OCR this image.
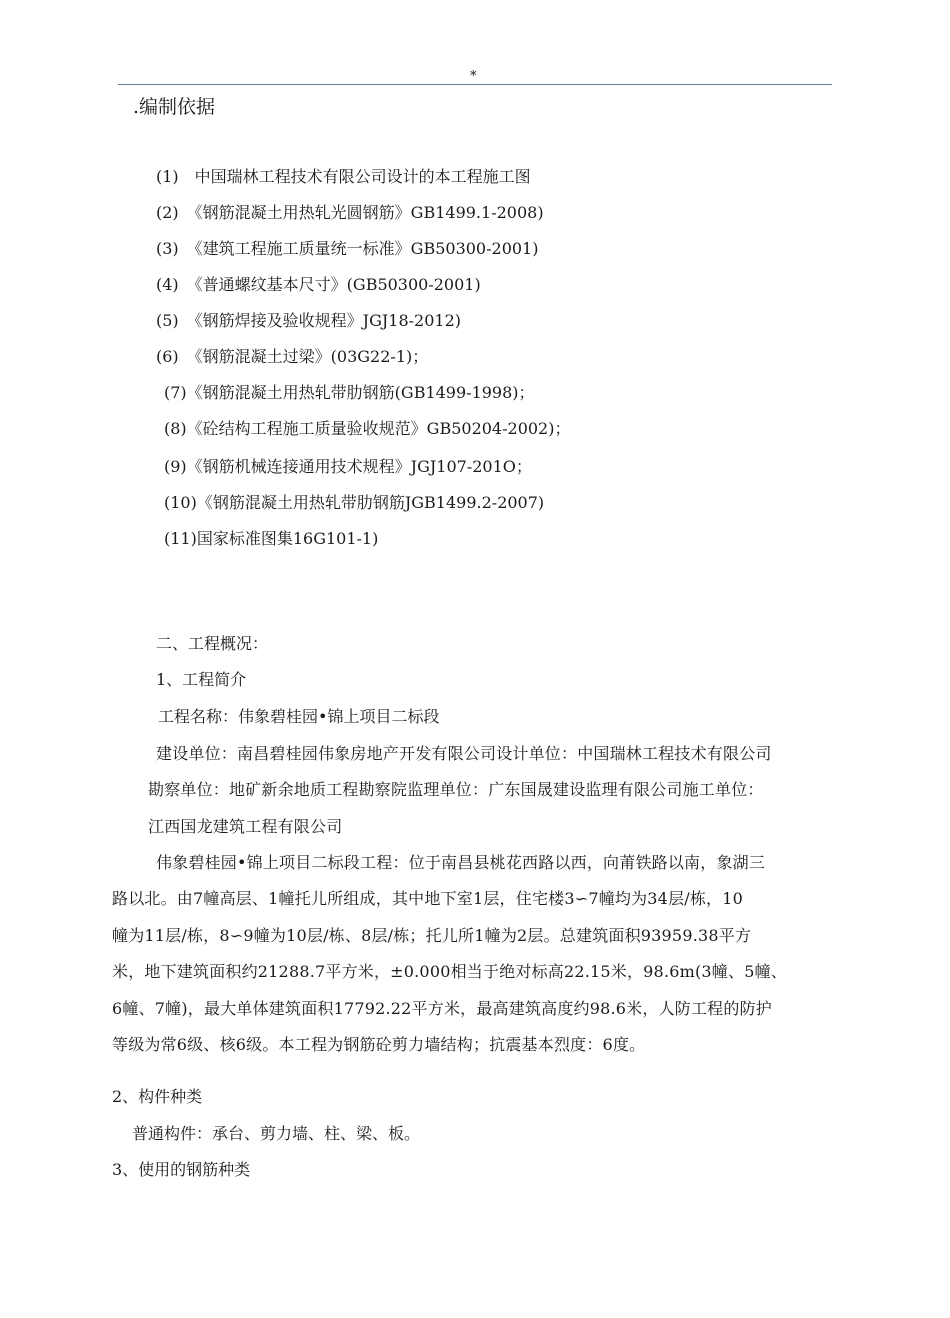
*
.编制依据
(1)　中国瑞林工程技术有限公司设计的本工程施工图
(2)　《钢筋混凝土用热轧光圆钢筋》GB1499.1-2008)
(3)　《建筑工程施工质量统一标准》GB50300-2001)
(4)　《普通螺纹基本尺寸》(GB50300-2001)
(5)　《钢筋焊接及验收规程》JGJ18-2012)
(6)　《钢筋混凝土过梁》(03G22-1)；
(7)《钢筋混凝土用热轧带肋钢筋(GB1499-1998)；
(8)《砼结构工程施工质量验收规范》GB50204-2002)；
(9)《钢筋机械连接通用技术规程》JGJ107-201O；
(10)《钢筋混凝土用热轧带肋钢筋JGB1499.2-2007)
(11)国家标准图集16G101-1)
二、工程概况：
1、工程简介
工程名称：伟象碧桂园•锦上项目二标段
建设单位：南昌碧桂园伟象房地产开发有限公司设计单位：中国瑞林工程技术有限公司
勘察单位：地矿新余地质工程勘察院监理单位：广东国晟建设监理有限公司施工单位：
江西国龙建筑工程有限公司
伟象碧桂园•锦上项目二标段工程：位于南昌县桃花西路以西，向莆铁路以南，象湖三
路以北。由7幢高层、1幢托儿所组成，其中地下室1层，住宅楼3∽7幢均为34层/栋，10
幢为11层/栋，8∽9幢为10层/栋、8层/栋；托儿所1幢为2层。总建筑面积93959.38平方
米，地下建筑面积约21288.7平方米，±0.000相当于绝对标高22.15米，98.6m(3幢、5幢、
6幢、7幢)，最大单体建筑面积17792.22平方米，最高建筑高度约98.6米，人防工程的防护
等级为常6级、核6级。本工程为钢筋砼剪力墙结构；抗震基本烈度：6度。
2、构件种类
普通构件：承台、剪力墙、柱、梁、板。
3、使用的钢筋种类
